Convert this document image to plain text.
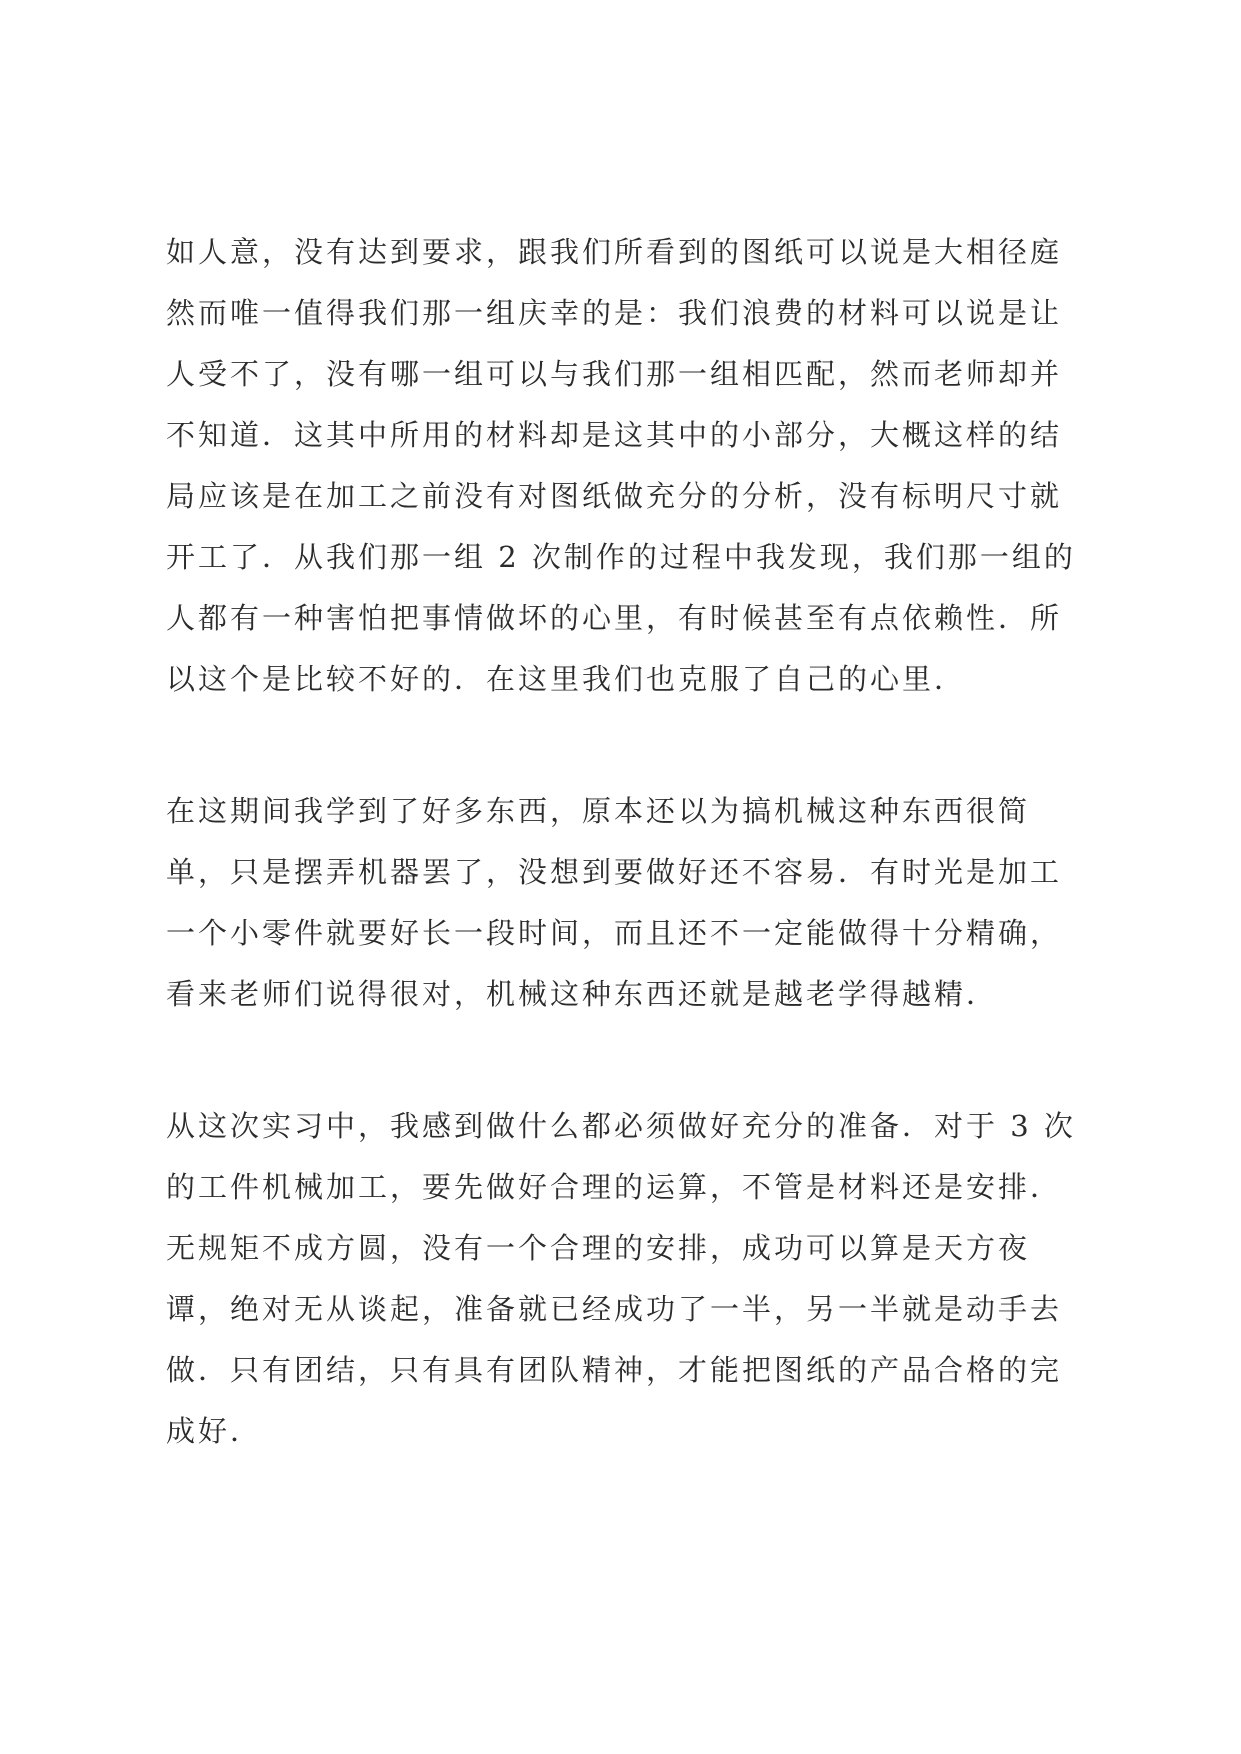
如人意，没有达到要求，跟我们所看到的图纸可以说是大相径庭
然而唯一值得我们那一组庆幸的是：我们浪费的材料可以说是让
人受不了，没有哪一组可以与我们那一组相匹配，然而老师却并
不知道．这其中所用的材料却是这其中的小部分，大概这样的结
局应该是在加工之前没有对图纸做充分的分析，没有标明尺寸就
开工了．从我们那一组 2 次制作的过程中我发现，我们那一组的
人都有一种害怕把事情做坏的心里，有时候甚至有点依赖性．所
以这个是比较不好的．在这里我们也克服了自己的心里．

在这期间我学到了好多东西，原本还以为搞机械这种东西很简
单，只是摆弄机器罢了，没想到要做好还不容易．有时光是加工
一个小零件就要好长一段时间，而且还不一定能做得十分精确，
看来老师们说得很对，机械这种东西还就是越老学得越精．

从这次实习中，我感到做什么都必须做好充分的准备．对于 3 次
的工件机械加工，要先做好合理的运算，不管是材料还是安排．
无规矩不成方圆，没有一个合理的安排，成功可以算是天方夜
谭，绝对无从谈起，准备就已经成功了一半，另一半就是动手去
做．只有团结，只有具有团队精神，才能把图纸的产品合格的完
成好．
